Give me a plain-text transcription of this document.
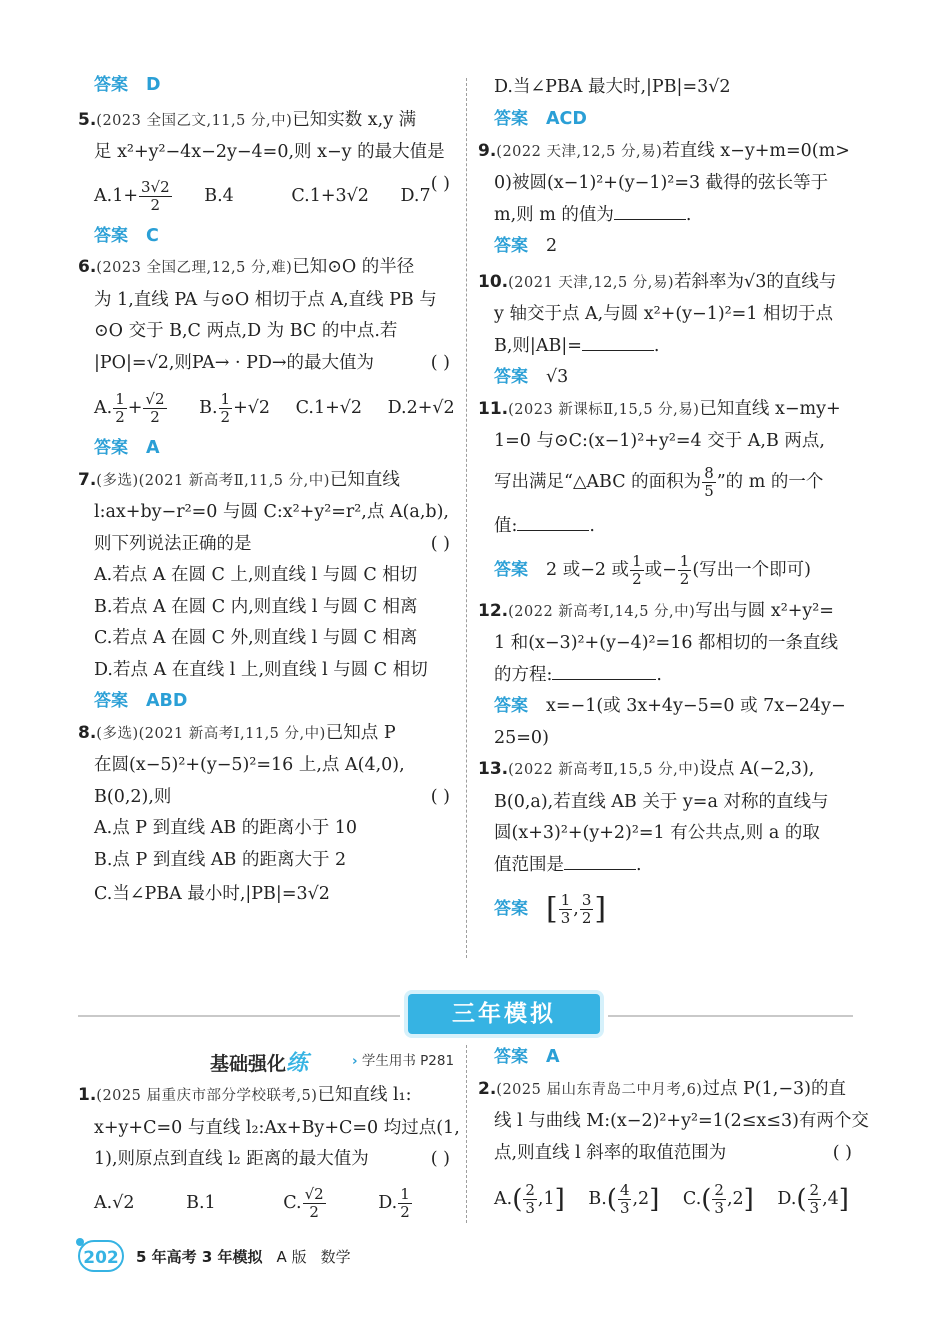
答案 D
5.(2023 全国乙文,11,5 分,中)已知实数 x,y 满
足 x²+y²−4x−2y−4=0,则 x−y 的最大值是
( )
$A.1+ \frac{3√2}{2} B.4$	C.1+3√2 D.7
答案 C
6.(2023 全国乙理,12,5 分,难)已知⊙O 的半径
为 1,直线 PA 与⊙O 相切于点 A,直线 PB 与
⊙O 交于 B,C 两点,D 为 BC 的中点.若
|PO|=√2,则PA→ · PD→的最大值为	( )
A. $\frac{1}{2} + \frac{√2}{2} B$. $\frac{1}{2} +√2$ C.1+√2 D.2+√2
答案 A
7.(多选)(2021 新高考Ⅱ,11,5 分,中)已知直线
l:ax+by−r²=0 与圆 C:x²+y²=r²,点 A(a,b),
则下列说法正确的是	( )
A.若点 A 在圆 C 上,则直线 l 与圆 C 相切
B.若点 A 在圆 C 内,则直线 l 与圆 C 相离
C.若点 A 在圆 C 外,则直线 l 与圆 C 相离
D.若点 A 在直线 l 上,则直线 l 与圆 C 相切
答案 ABD
8.(多选)(2021 新高考Ⅰ,11,5 分,中)已知点 P
在圆(x−5)²+(y−5)²=16 上,点 A(4,0),
B(0,2),则	( )
A.点 P 到直线 AB 的距离小于 10
B.点 P 到直线 AB 的距离大于 2
C.当∠PBA 最小时,|PB|=3√2
D.当∠PBA 最大时,|PB|=3√2
答案 ACD
9.(2022 天津,12,5 分,易)若直线 x−y+m=0(m>
0)被圆(x−1)²+(y−1)²=3 截得的弦长等于
m,则 m 的值为	.
答案 2
10.(2021 天津,12,5 分,易)若斜率为√3的直线与
y 轴交于点 A,与圆 x²+(y−1)²=1 相切于点
B,则|AB|=	.
答案 √3
11.(2023 新课标Ⅱ,15,5 分,易)已知直线 x−my+
1=0 与⊙C:(x−1)²+y²=4 交于 A,B 两点,
写出满足“△ABC 的面积为 $\frac{8}{5}$ ”的 m 的一个
值:	.
答案 2 或−2 或 $\frac{1}{2}$ 或− $\frac{1}{2}$ (写出一个即可)
12.(2022 新高考Ⅰ,14,5 分,中)写出与圆 x²+y²=
1 和(x−3)²+(y−4)²=16 都相切的一条直线
的方程:	.
答案 x=−1(或 3x+4y−5=0 或 7x−24y−
25=0)
13.(2022 新高考Ⅱ,15,5 分,中)设点 A(−2,3),
B(0,a),若直线 AB 关于 y=a 对称的直线与
圆(x+3)²+(y+2)²=1 有公共点,则 a 的取
值范围是	.
答案 [ $\frac{1}{3}$ , $\frac{3}{2}$ ]
三年模拟
基础强化练	› 学生用书 P281
1.(2025 届重庆市部分学校联考,5)已知直线 l₁:
x+y+C=0 与直线 l₂:Ax+By+C=0 均过点(1,
1),则原点到直线 l₂ 距离的最大值为	( )
A.√2	B.1	C. $\frac{√2}{2}$	D. $\frac{1}{2}$
答案 A
2.(2025 届山东青岛二中月考,6)过点 P(1,−3)的直
线 l 与曲线 M:(x−2)²+y²=1(2≤x≤3)有两个交
点,则直线 l 斜率的取值范围为	( )
$A.( \frac{2}{3} ,1]$ $B.( \frac{4}{3} ,2]$ $C.( \frac{2}{3} ,2]$ $D.( \frac{2}{3} ,4]$
202	5 年高考 3 年模拟 A 版 数学
